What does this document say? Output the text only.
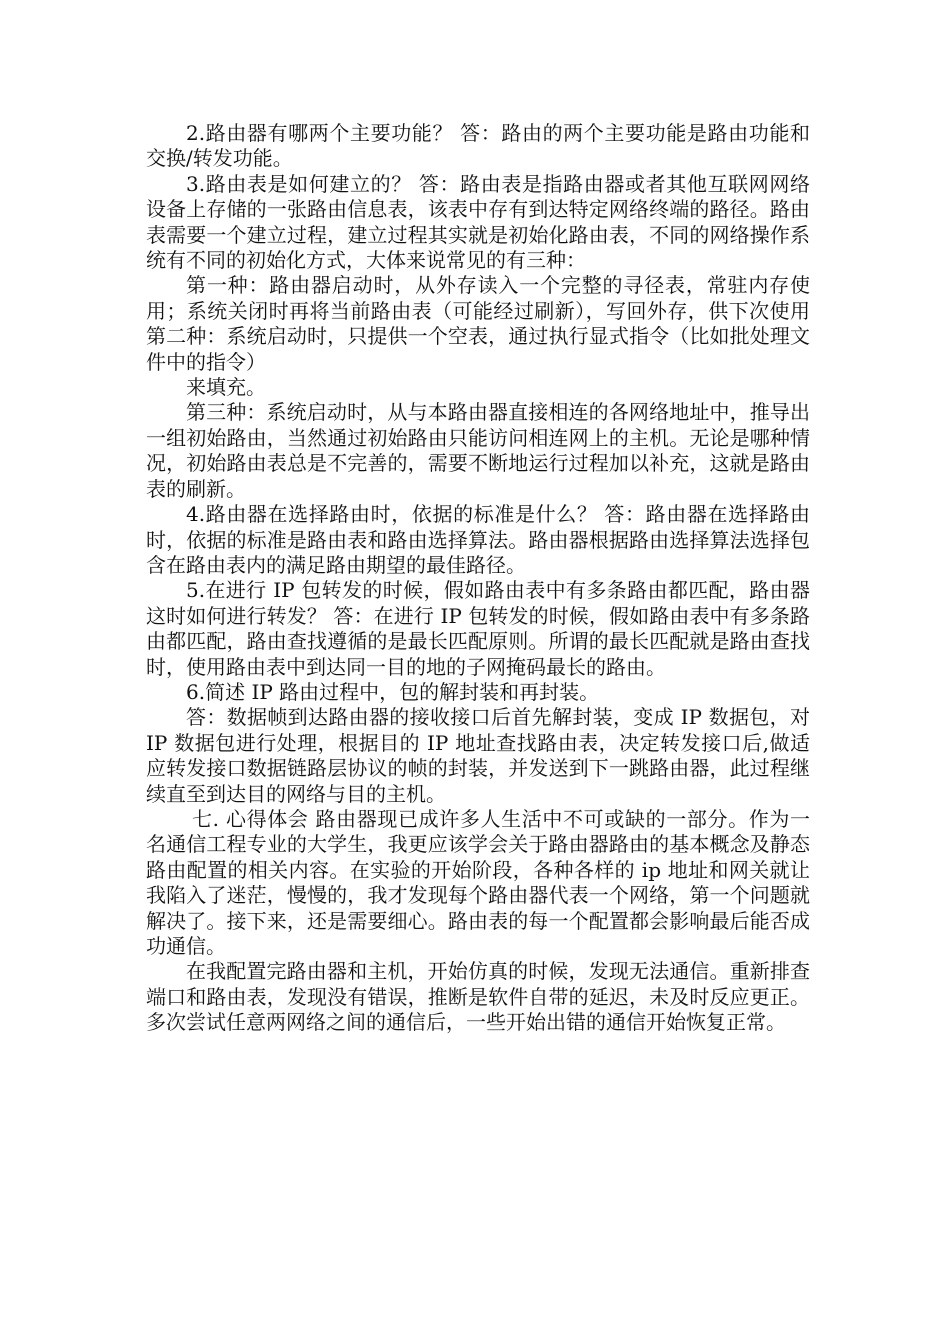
2.路由器有哪两个主要功能？ 答：路由的两个主要功能是路由功能和交换/转发功能。

3.路由表是如何建立的？ 答：路由表是指路由器或者其他互联网网络设备上存储的一张路由信息表，该表中存有到达特定网络终端的路径。路由表需要一个建立过程，建立过程其实就是初始化路由表，不同的网络操作系统有不同的初始化方式，大体来说常见的有三种：

第一种：路由器启动时，从外存读入一个完整的寻径表，常驻内存使用；系统关闭时再将当前路由表（可能经过刷新），写回外存，供下次使用 第二种：系统启动时，只提供一个空表，通过执行显式指令（比如批处理文件中的指令）

来填充。

第三种：系统启动时，从与本路由器直接相连的各网络地址中，推导出一组初始路由，当然通过初始路由只能访问相连网上的主机。无论是哪种情况，初始路由表总是不完善的，需要不断地运行过程加以补充，这就是路由表的刷新。

4.路由器在选择路由时，依据的标准是什么？ 答：路由器在选择路由时，依据的标准是路由表和路由选择算法。路由器根据路由选择算法选择包含在路由表内的满足路由期望的最佳路径。

5.在进行 IP 包转发的时候，假如路由表中有多条路由都匹配，路由器这时如何进行转发？ 答：在进行 IP 包转发的时候，假如路由表中有多条路由都匹配，路由查找遵循的是最长匹配原则。所谓的最长匹配就是路由查找时，使用路由表中到达同一目的地的子网掩码最长的路由。

6.简述 IP 路由过程中，包的解封装和再封装。

答：数据帧到达路由器的接收接口后首先解封装，变成 IP 数据包，对 IP 数据包进行处理，根据目的 IP 地址查找路由表，决定转发接口后,做适应转发接口数据链路层协议的帧的封装，并发送到下一跳路由器，此过程继续直至到达目的网络与目的主机。

七. 心得体会 路由器现已成许多人生活中不可或缺的一部分。作为一名通信工程专业的大学生，我更应该学会关于路由器路由的基本概念及静态路由配置的相关内容。在实验的开始阶段，各种各样的 ip 地址和网关就让我陷入了迷茫，慢慢的，我才发现每个路由器代表一个网络，第一个问题就解决了。接下来，还是需要细心。路由表的每一个配置都会影响最后能否成功通信。

在我配置完路由器和主机，开始仿真的时候，发现无法通信。重新排查端口和路由表，发现没有错误，推断是软件自带的延迟，未及时反应更正。多次尝试任意两网络之间的通信后，一些开始出错的通信开始恢复正常。
